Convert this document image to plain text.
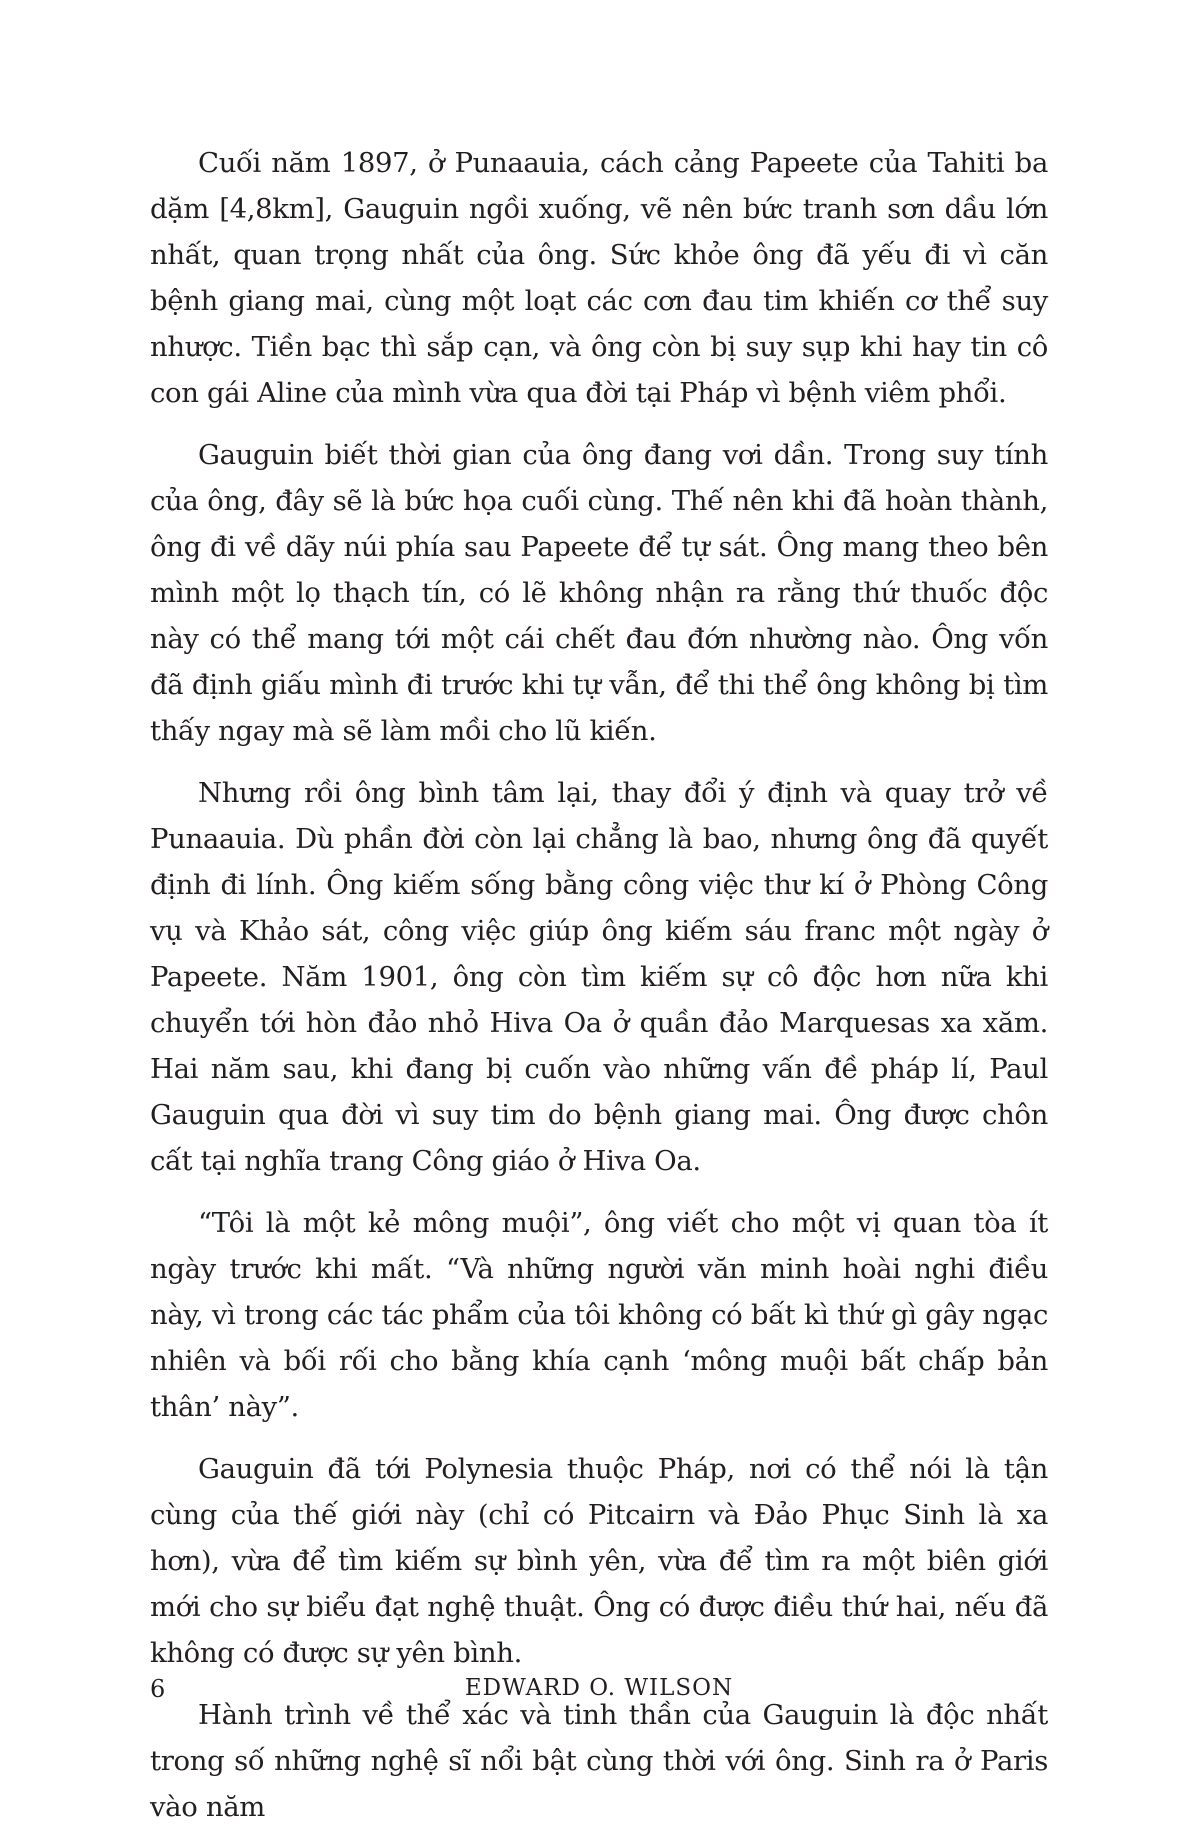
Cuối năm 1897, ở Punaauia, cách cảng Papeete của Tahiti ba dặm [4,8km], Gauguin ngồi xuống, vẽ nên bức tranh sơn dầu lớn nhất, quan trọng nhất của ông. Sức khỏe ông đã yếu đi vì căn bệnh giang mai, cùng một loạt các cơn đau tim khiến cơ thể suy nhược. Tiền bạc thì sắp cạn, và ông còn bị suy sụp khi hay tin cô con gái Aline của mình vừa qua đời tại Pháp vì bệnh viêm phổi.

Gauguin biết thời gian của ông đang vơi dần. Trong suy tính của ông, đây sẽ là bức họa cuối cùng. Thế nên khi đã hoàn thành, ông đi về dãy núi phía sau Papeete để tự sát. Ông mang theo bên mình một lọ thạch tín, có lẽ không nhận ra rằng thứ thuốc độc này có thể mang tới một cái chết đau đớn nhường nào. Ông vốn đã định giấu mình đi trước khi tự vẫn, để thi thể ông không bị tìm thấy ngay mà sẽ làm mồi cho lũ kiến.

Nhưng rồi ông bình tâm lại, thay đổi ý định và quay trở về Punaauia. Dù phần đời còn lại chẳng là bao, nhưng ông đã quyết định đi lính. Ông kiếm sống bằng công việc thư kí ở Phòng Công vụ và Khảo sát, công việc giúp ông kiếm sáu franc một ngày ở Papeete. Năm 1901, ông còn tìm kiếm sự cô độc hơn nữa khi chuyển tới hòn đảo nhỏ Hiva Oa ở quần đảo Marquesas xa xăm. Hai năm sau, khi đang bị cuốn vào những vấn đề pháp lí, Paul Gauguin qua đời vì suy tim do bệnh giang mai. Ông được chôn cất tại nghĩa trang Công giáo ở Hiva Oa.

“Tôi là một kẻ mông muội”, ông viết cho một vị quan tòa ít ngày trước khi mất. “Và những người văn minh hoài nghi điều này, vì trong các tác phẩm của tôi không có bất kì thứ gì gây ngạc nhiên và bối rối cho bằng khía cạnh ‘mông muội bất chấp bản thân’ này”.

Gauguin đã tới Polynesia thuộc Pháp, nơi có thể nói là tận cùng của thế giới này (chỉ có Pitcairn và Đảo Phục Sinh là xa hơn), vừa để tìm kiếm sự bình yên, vừa để tìm ra một biên giới mới cho sự biểu đạt nghệ thuật. Ông có được điều thứ hai, nếu đã không có được sự yên bình.

Hành trình về thể xác và tinh thần của Gauguin là độc nhất trong số những nghệ sĩ nổi bật cùng thời với ông. Sinh ra ở Paris vào năm

6	EDWARD O. WILSON
